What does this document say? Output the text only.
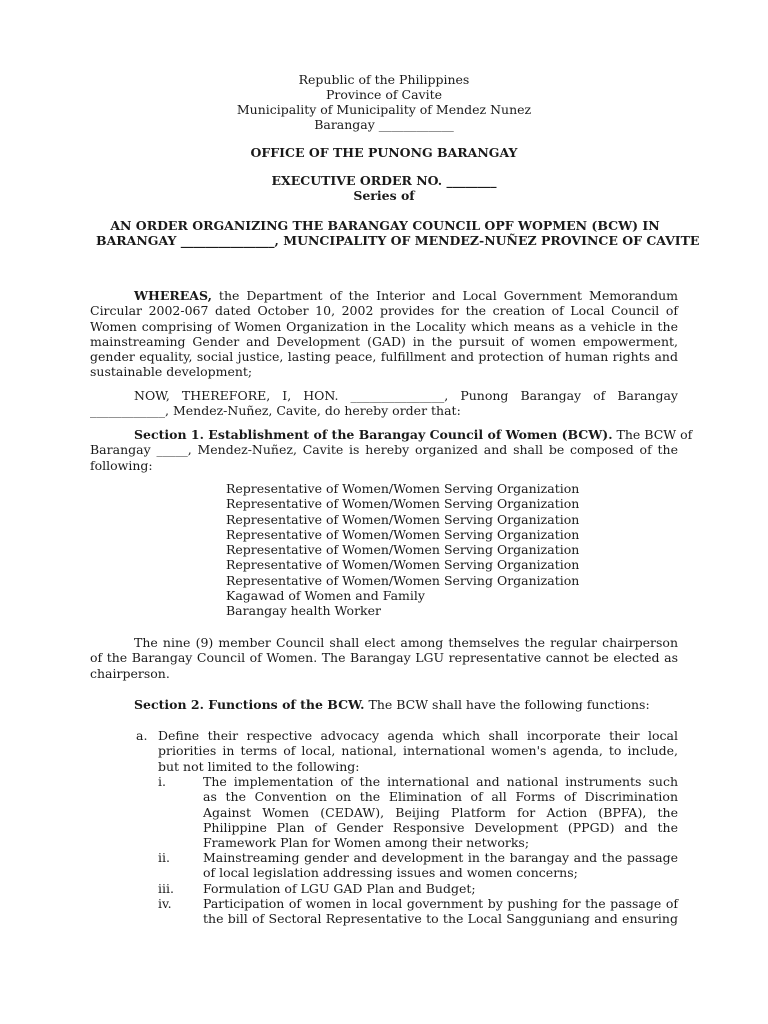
Republic of the Philippines
Province of Cavite
Municipality of Municipality of Mendez Nunez
Barangay ____________
OFFICE OF THE PUNONG BARANGAY
EXECUTIVE ORDER NO. ________
Series of
AN ORDER ORGANIZING THE BARANGAY COUNCIL OPF WOPMEN (BCW) IN
BARANGAY _______________, MUNCIPALITY OF MENDEZ-NUÑEZ PROVINCE OF CAVITE
WHEREAS, the Department of the Interior and Local Government Memorandum
Circular 2002-067 dated October 10, 2002 provides for the creation of Local Council of
Women comprising of Women Organization in the Locality which means as a vehicle in the
mainstreaming Gender and Development (GAD) in the pursuit of women empowerment,
gender equality, social justice, lasting peace, fulfillment and protection of human rights and
sustainable development;
NOW, THEREFORE, I, HON. _______________, Punong Barangay of Barangay
____________, Mendez-Nuñez, Cavite, do hereby order that:
Section 1. Establishment of the Barangay Council of Women (BCW). The BCW of
Barangay _____, Mendez-Nuñez, Cavite is hereby organized and shall be composed of the
following:
Representative of Women/Women Serving Organization
Representative of Women/Women Serving Organization
Representative of Women/Women Serving Organization
Representative of Women/Women Serving Organization
Representative of Women/Women Serving Organization
Representative of Women/Women Serving Organization
Representative of Women/Women Serving Organization
Kagawad of Women and Family
Barangay health Worker
The nine (9) member Council shall elect among themselves the regular chairperson
of the Barangay Council of Women. The Barangay LGU representative cannot be elected as
chairperson.
Section 2. Functions of the BCW. The BCW shall have the following functions:
a. Define their respective advocacy agenda which shall incorporate their local
priorities in terms of local, national, international women's agenda, to include,
but not limited to the following:
i.	The implementation of the international and national instruments such
as the Convention on the Elimination of all Forms of Discrimination
Against Women (CEDAW), Beijing Platform for Action (BPFA), the
Philippine Plan of Gender Responsive Development (PPGD) and the
Framework Plan for Women among their networks;
ii.	Mainstreaming gender and development in the barangay and the passage
of local legislation addressing issues and women concerns;
iii. Formulation of LGU GAD Plan and Budget;
iv.	Participation of women in local government by pushing for the passage of
the bill of Sectoral Representative to the Local Sangguniang and ensuring
